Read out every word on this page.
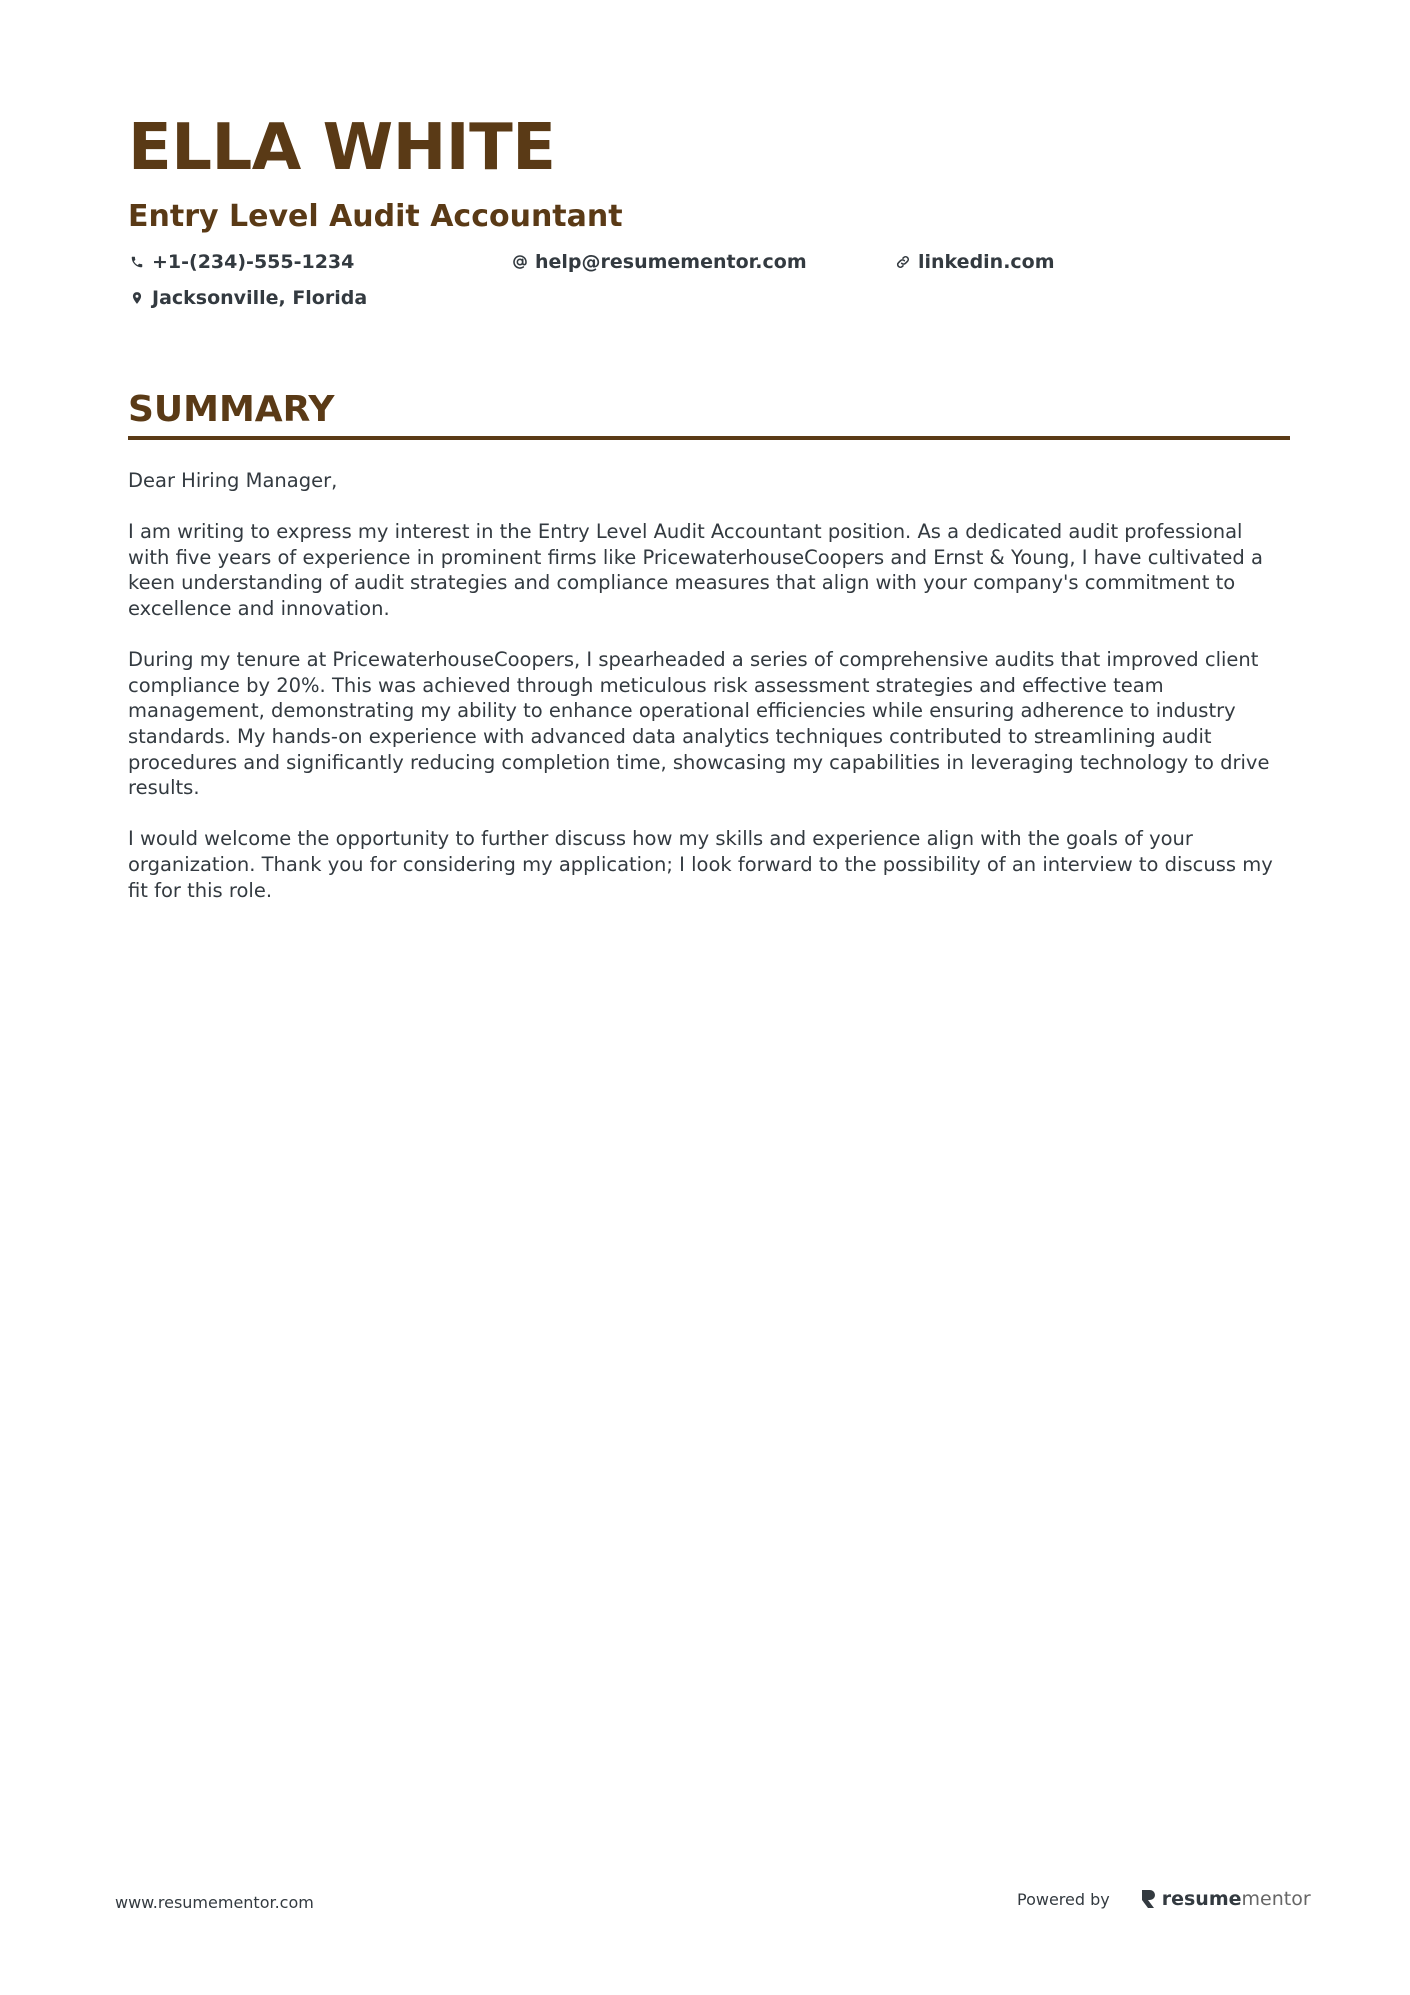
ELLA WHITE
Entry Level Audit Accountant
+1-(234)-555-1234	help@resumementor.com	linkedin.com
Jacksonville, Florida
SUMMARY

Dear Hiring Manager,

I am writing to express my interest in the Entry Level Audit Accountant position. As a dedicated audit professional with five years of experience in prominent firms like PricewaterhouseCoopers and Ernst & Young, I have cultivated a keen understanding of audit strategies and compliance measures that align with your company's commitment to excellence and innovation.

During my tenure at PricewaterhouseCoopers, I spearheaded a series of comprehensive audits that improved client compliance by 20%. This was achieved through meticulous risk assessment strategies and effective team management, demonstrating my ability to enhance operational efficiencies while ensuring adherence to industry standards. My hands-on experience with advanced data analytics techniques contributed to streamlining audit procedures and significantly reducing completion time, showcasing my capabilities in leveraging technology to drive results.

I would welcome the opportunity to further discuss how my skills and experience align with the goals of your organization. Thank you for considering my application; I look forward to the possibility of an interview to discuss my fit for this role.

www.resumementor.com	Powered by	resume mentor
